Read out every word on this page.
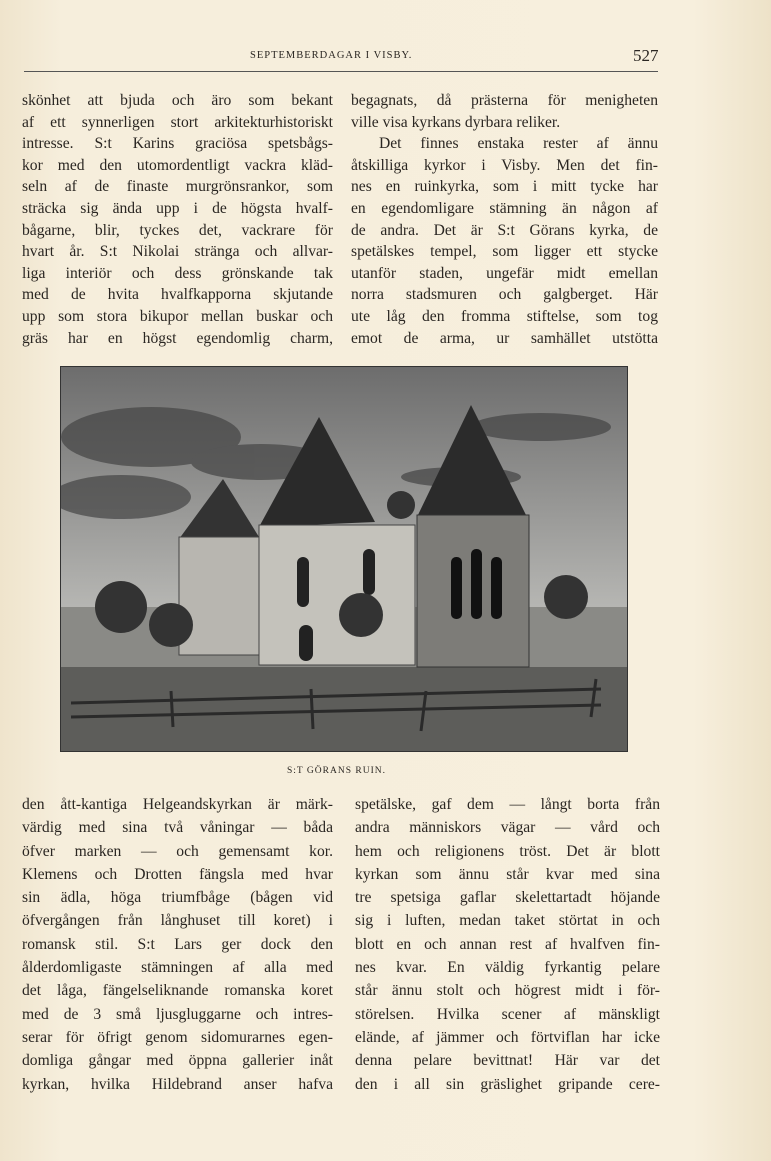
SEPTEMBERDAGAR I VISBY.	527
skönhet att bjuda och äro som bekant
af ett synnerligen stort arkitekturhistoriskt
intresse. S:t Karins graciösa spetsbågs-
kor med den utomordentligt vackra kläd-
seln af de finaste murgrönsrankor, som
sträcka sig ända upp i de högsta hvalf-
bågarne, blir, tyckes det, vackrare för
hvart år. S:t Nikolai stränga och allvar-
liga interiör och dess grönskande tak
med de hvita hvalfkapporna skjutande
upp som stora bikupor mellan buskar och
gräs har en högst egendomlig charm,
begagnats, då prästerna för menigheten
ville visa kyrkans dyrbara reliker.
Det finnes enstaka rester af ännu
åtskilliga kyrkor i Visby. Men det fin-
nes en ruinkyrka, som i mitt tycke har
en egendomligare stämning än någon af
de andra. Det är S:t Görans kyrka, de
spetälskes tempel, som ligger ett stycke
utanför staden, ungefär midt emellan
norra stadsmuren och galgberget. Här
ute låg den fromma stiftelse, som tog
emot de arma, ur samhället utstötta
S:T GÖRANS RUIN.
den ått-kantiga Helgeandskyrkan är märk-
värdig med sina två våningar — båda
öfver marken — och gemensamt kor.
Klemens och Drotten fängsla med hvar
sin ädla, höga triumfbåge (bågen vid
öfvergången från långhuset till koret) i
romansk stil. S:t Lars ger dock den
ålderdomligaste stämningen af alla med
det låga, fängelseliknande romanska koret
med de 3 små ljusgluggarne och intres-
serar för öfrigt genom sidomurarnes egen-
domliga gångar med öppna gallerier inåt
kyrkan, hvilka Hildebrand anser hafva
spetälske, gaf dem — långt borta från
andra människors vägar — vård och
hem och religionens tröst. Det är blott
kyrkan som ännu står kvar med sina
tre spetsiga gaflar skelettartadt höjande
sig i luften, medan taket störtat in och
blott en och annan rest af hvalfven fin-
nes kvar. En väldig fyrkantig pelare
står ännu stolt och högrest midt i för-
störelsen. Hvilka scener af mänskligt
elände, af jämmer och förtviflan har icke
denna pelare bevittnat! Här var det
den i all sin gräslighet gripande cere-
